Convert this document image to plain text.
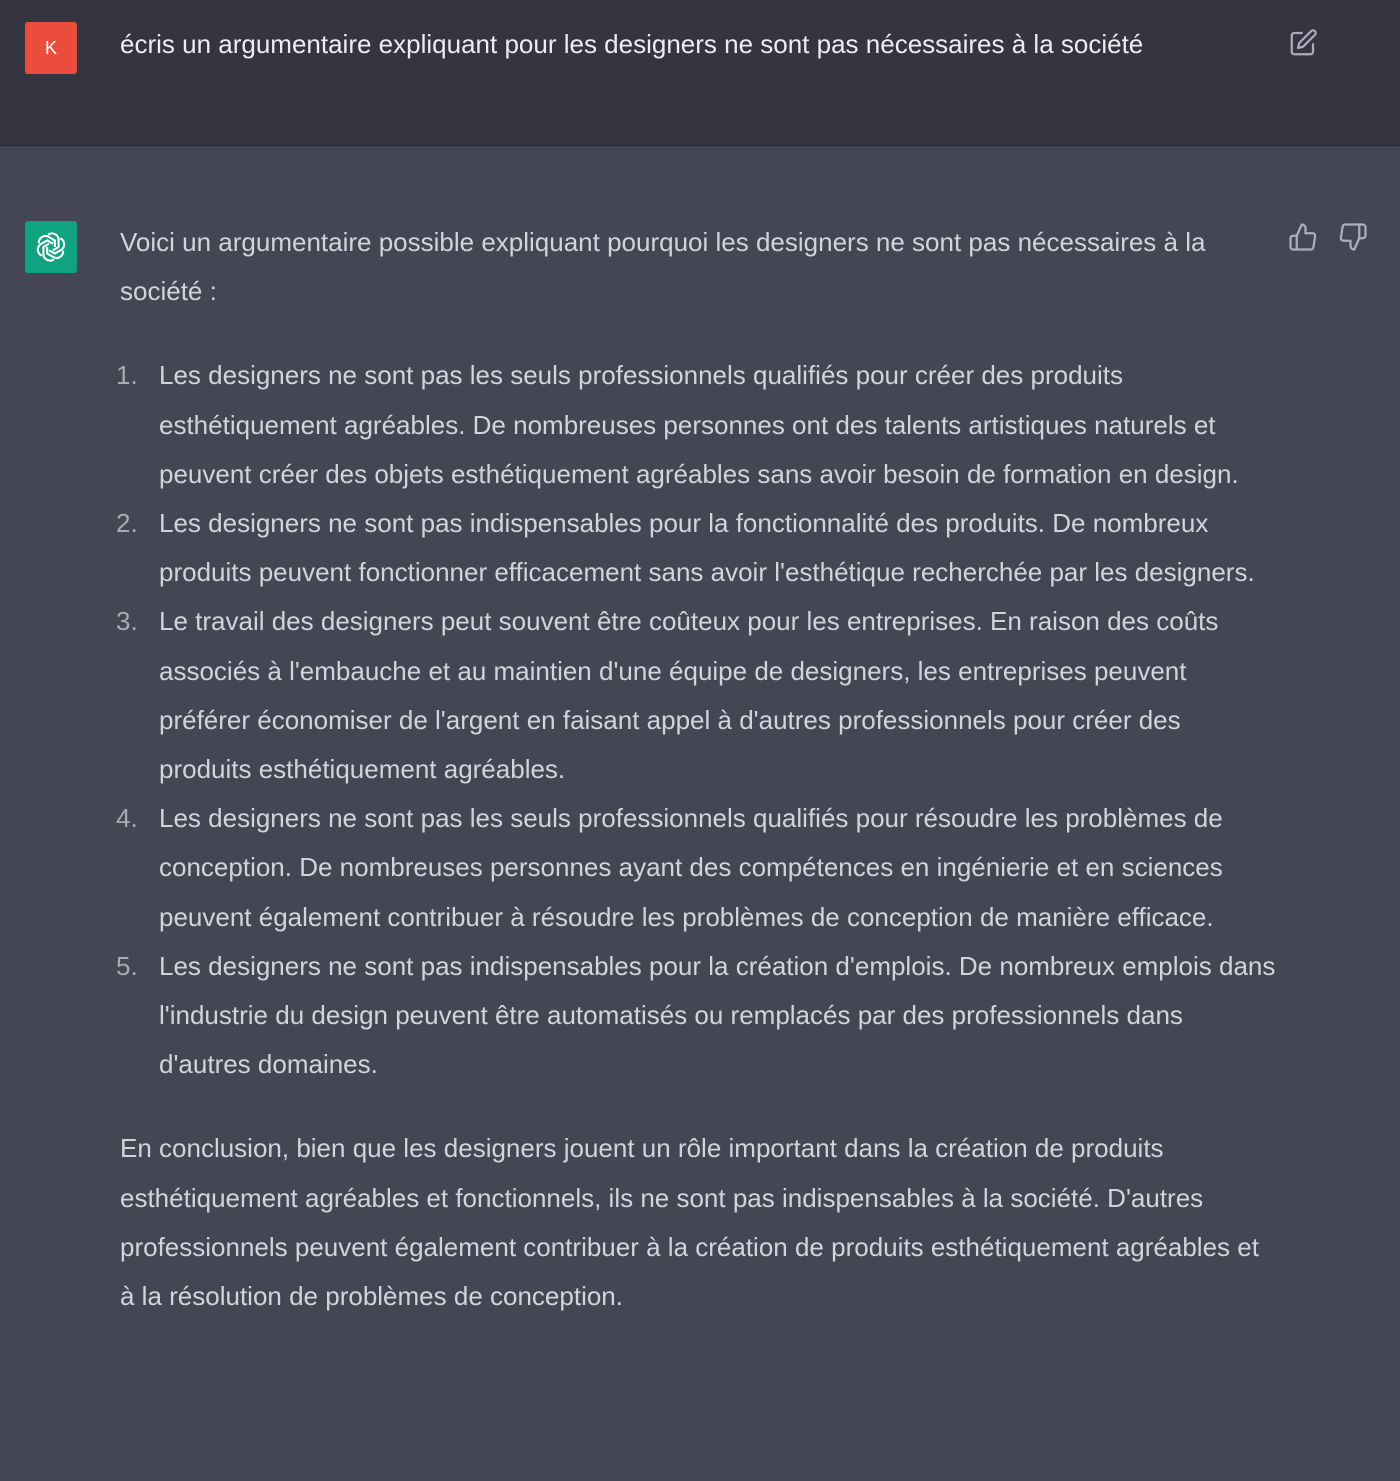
K écris un argumentaire expliquant pour les designers ne sont pas nécessaires à la société

Voici un argumentaire possible expliquant pourquoi les designers ne sont pas nécessaires à la société :

1. Les designers ne sont pas les seuls professionnels qualifiés pour créer des produits esthétiquement agréables. De nombreuses personnes ont des talents artistiques naturels et peuvent créer des objets esthétiquement agréables sans avoir besoin de formation en design.
2. Les designers ne sont pas indispensables pour la fonctionnalité des produits. De nombreux produits peuvent fonctionner efficacement sans avoir l'esthétique recherchée par les designers.
3. Le travail des designers peut souvent être coûteux pour les entreprises. En raison des coûts associés à l'embauche et au maintien d'une équipe de designers, les entreprises peuvent préférer économiser de l'argent en faisant appel à d'autres professionnels pour créer des produits esthétiquement agréables.
4. Les designers ne sont pas les seuls professionnels qualifiés pour résoudre les problèmes de conception. De nombreuses personnes ayant des compétences en ingénierie et en sciences peuvent également contribuer à résoudre les problèmes de conception de manière efficace.
5. Les designers ne sont pas indispensables pour la création d'emplois. De nombreux emplois dans l'industrie du design peuvent être automatisés ou remplacés par des professionnels dans d'autres domaines.

En conclusion, bien que les designers jouent un rôle important dans la création de produits esthétiquement agréables et fonctionnels, ils ne sont pas indispensables à la société. D'autres professionnels peuvent également contribuer à la création de produits esthétiquement agréables et à la résolution de problèmes de conception.
